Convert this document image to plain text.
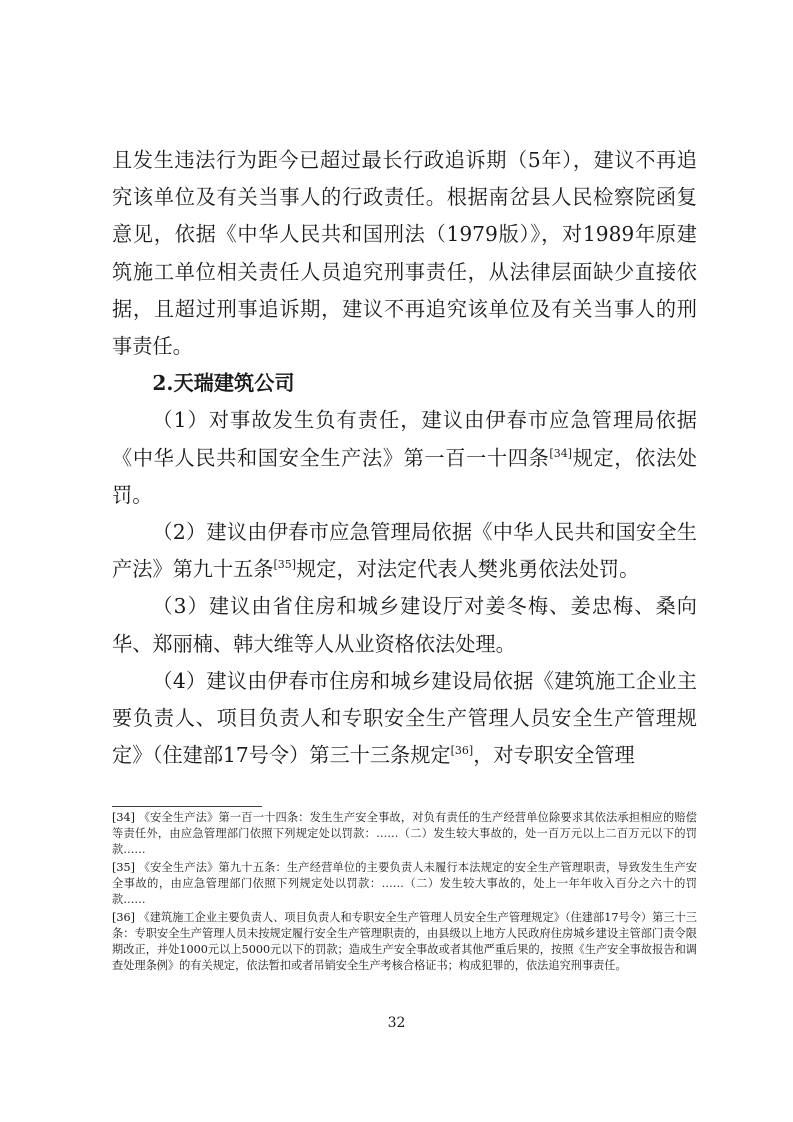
且发生违法行为距今已超过最长行政追诉期（5年），建议不再追究该单位及有关当事人的行政责任。根据南岔县人民检察院函复意见，依据《中华人民共和国刑法（1979版）》，对1989年原建筑施工单位相关责任人员追究刑事责任，从法律层面缺少直接依据，且超过刑事追诉期，建议不再追究该单位及有关当事人的刑事责任。

2.天瑞建筑公司

（1）对事故发生负有责任，建议由伊春市应急管理局依据《中华人民共和国安全生产法》第一百一十四条[34]规定，依法处罚。

（2）建议由伊春市应急管理局依据《中华人民共和国安全生产法》第九十五条[35]规定，对法定代表人樊兆勇依法处罚。

（3）建议由省住房和城乡建设厅对姜冬梅、姜忠梅、桑向华、郑丽楠、韩大维等人从业资格依法处理。

（4）建议由伊春市住房和城乡建设局依据《建筑施工企业主要负责人、项目负责人和专职安全生产管理人员安全生产管理规定》（住建部17号令）第三十三条规定[36]，对专职安全管理

[34] 《安全生产法》第一百一十四条：发生生产安全事故，对负有责任的生产经营单位除要求其依法承担相应的赔偿等责任外，由应急管理部门依照下列规定处以罚款：……（二）发生较大事故的，处一百万元以上二百万元以下的罚款……

[35] 《安全生产法》第九十五条：生产经营单位的主要负责人未履行本法规定的安全生产管理职责，导致发生生产安全事故的，由应急管理部门依照下列规定处以罚款：……（二）发生较大事故的，处上一年年收入百分之六十的罚款……

[36] 《建筑施工企业主要负责人、项目负责人和专职安全生产管理人员安全生产管理规定》（住建部17号令）第三十三条：专职安全生产管理人员未按规定履行安全生产管理职责的，由县级以上地方人民政府住房城乡建设主管部门责令限期改正，并处1000元以上5000元以下的罚款；造成生产安全事故或者其他严重后果的，按照《生产安全事故报告和调查处理条例》的有关规定，依法暂扣或者吊销安全生产考核合格证书；构成犯罪的，依法追究刑事责任。

32
